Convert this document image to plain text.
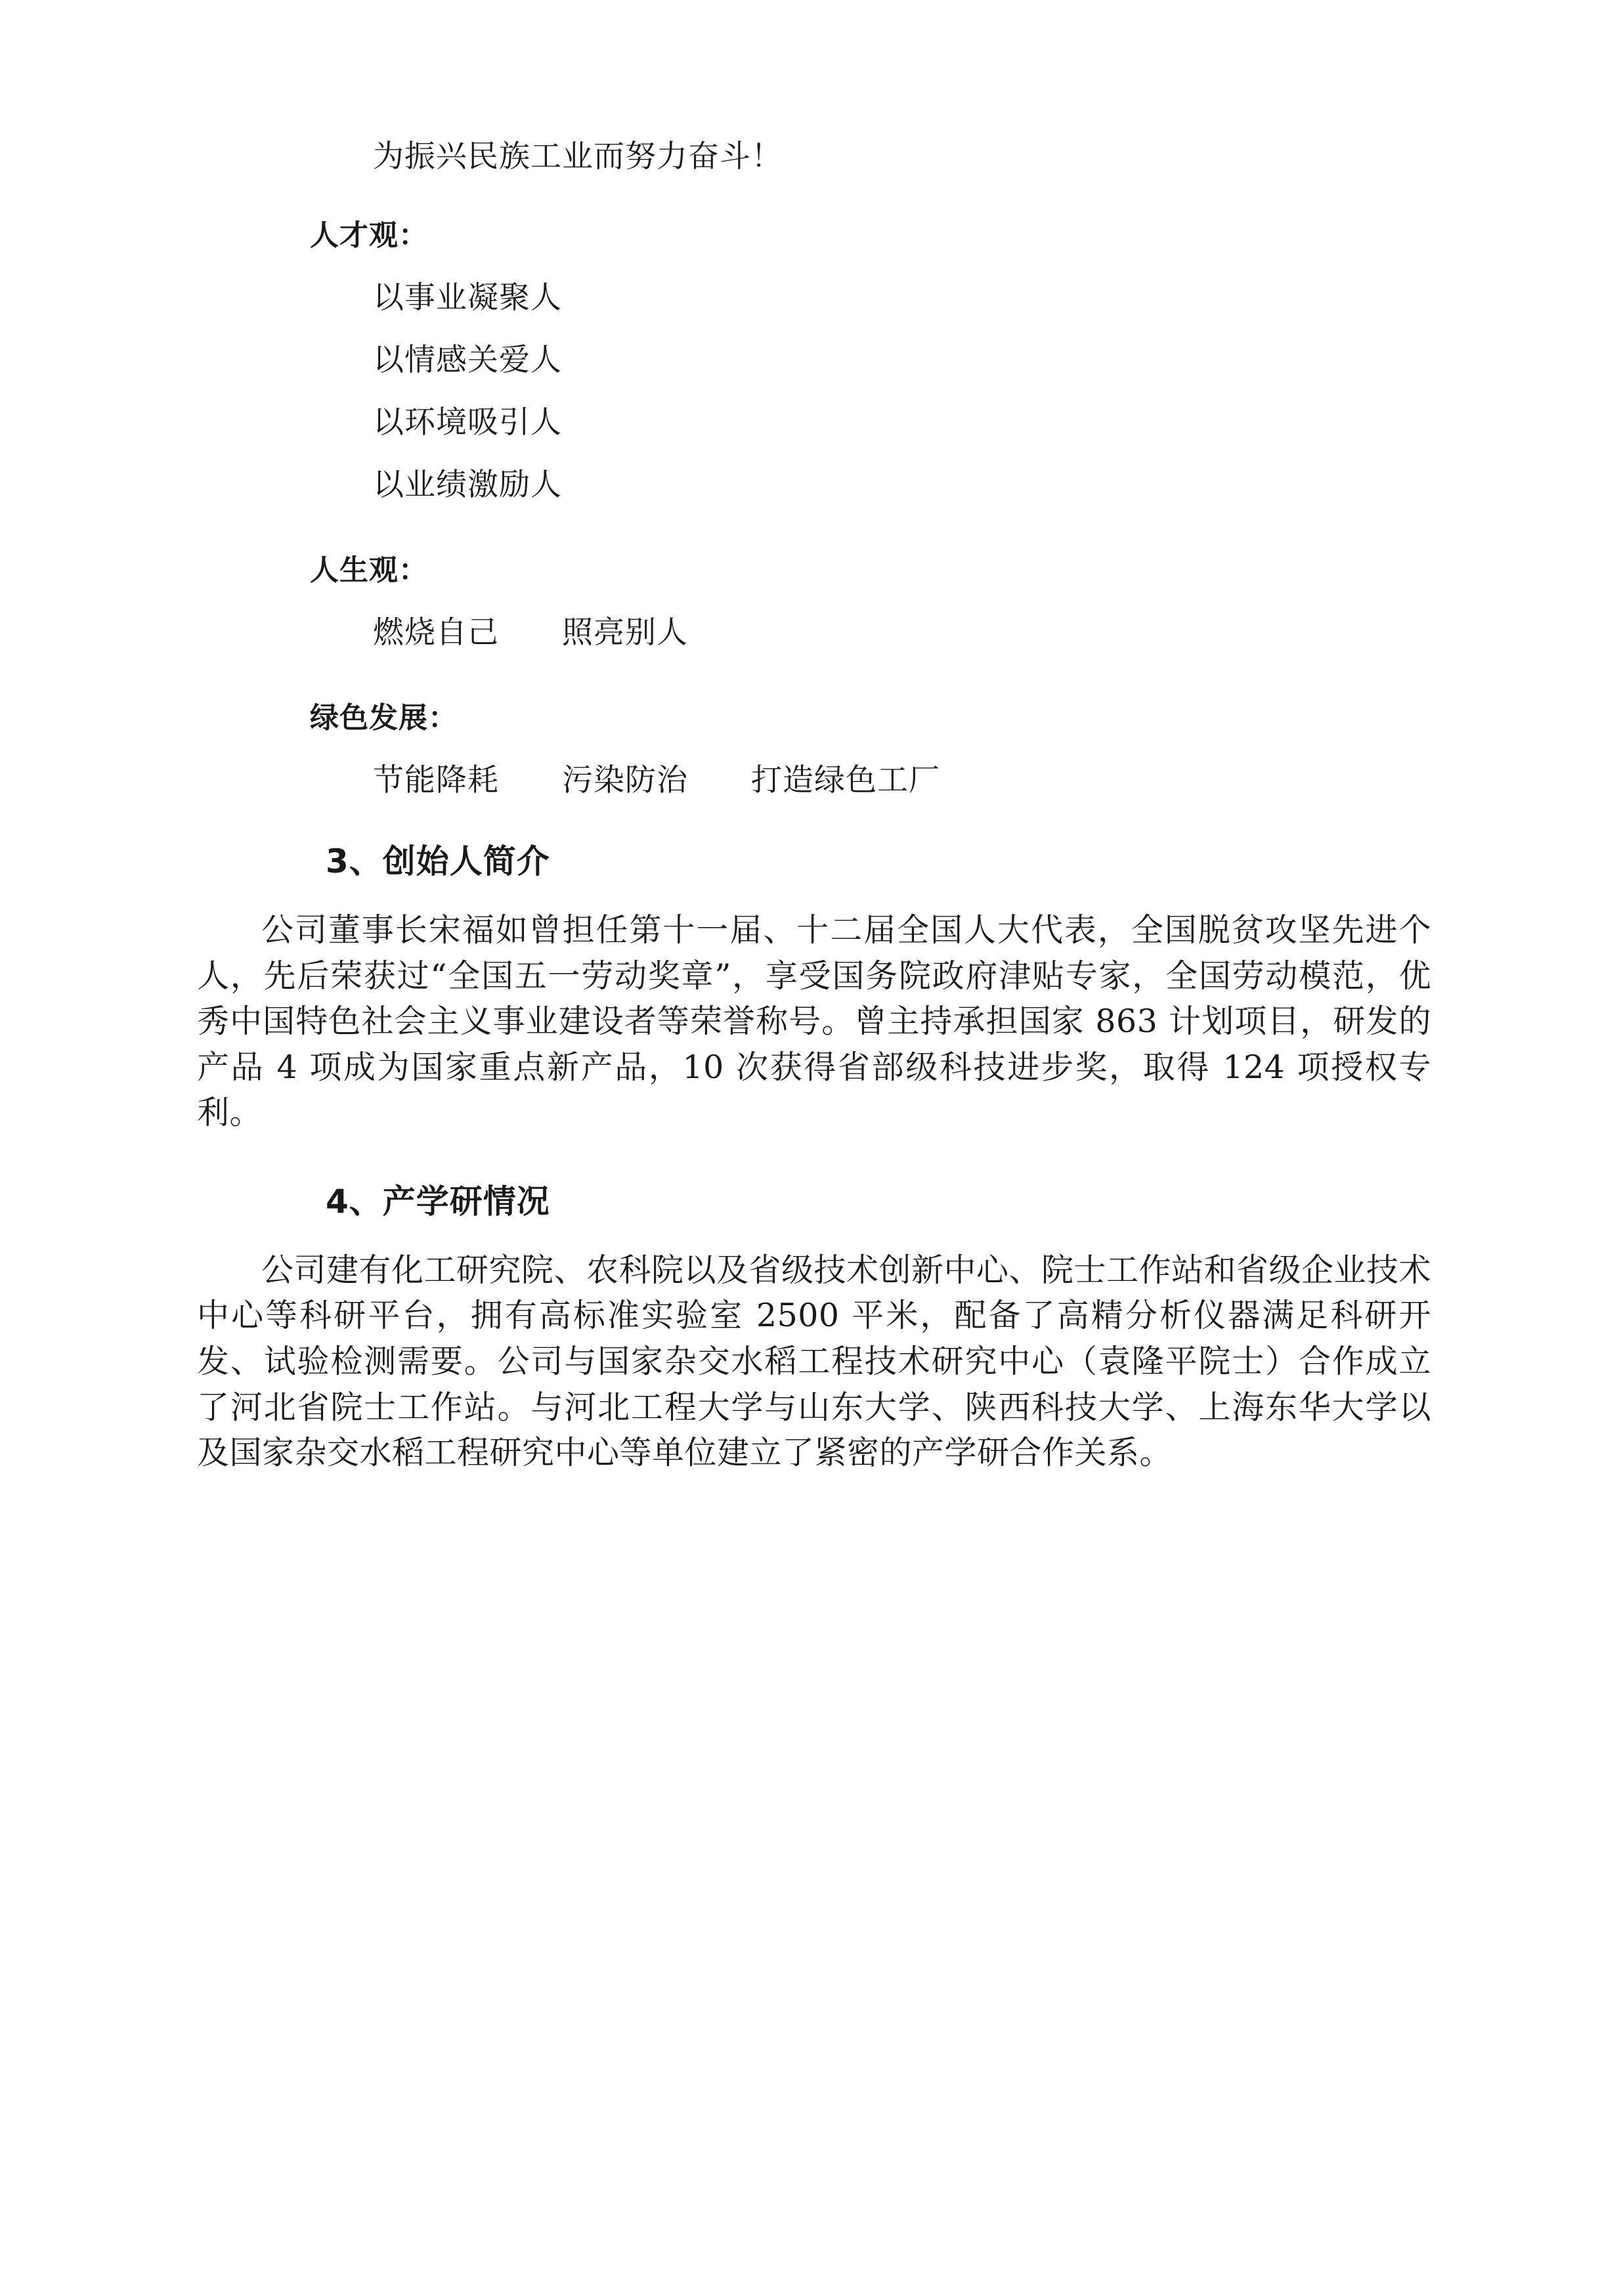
为振兴民族工业而努力奋斗！
人才观：
以事业凝聚人
以情感关爱人
以环境吸引人
以业绩激励人
人生观：
燃烧自己　　照亮别人
绿色发展：
节能降耗　　污染防治　　打造绿色工厂
3、创始人简介
公司董事长宋福如曾担任第十一届、十二届全国人大代表，全国脱贫攻坚先进个人，先后荣获过“全国五一劳动奖章”，享受国务院政府津贴专家，全国劳动模范，优秀中国特色社会主义事业建设者等荣誉称号。曾主持承担国家 863 计划项目，研发的产品 4 项成为国家重点新产品，10 次获得省部级科技进步奖，取得 124 项授权专利。
4、产学研情况
公司建有化工研究院、农科院以及省级技术创新中心、院士工作站和省级企业技术中心等科研平台，拥有高标准实验室 2500 平米，配备了高精分析仪器满足科研开发、试验检测需要。公司与国家杂交水稻工程技术研究中心（袁隆平院士）合作成立了河北省院士工作站。与河北工程大学与山东大学、陕西科技大学、上海东华大学以及国家杂交水稻工程研究中心等单位建立了紧密的产学研合作关系。
